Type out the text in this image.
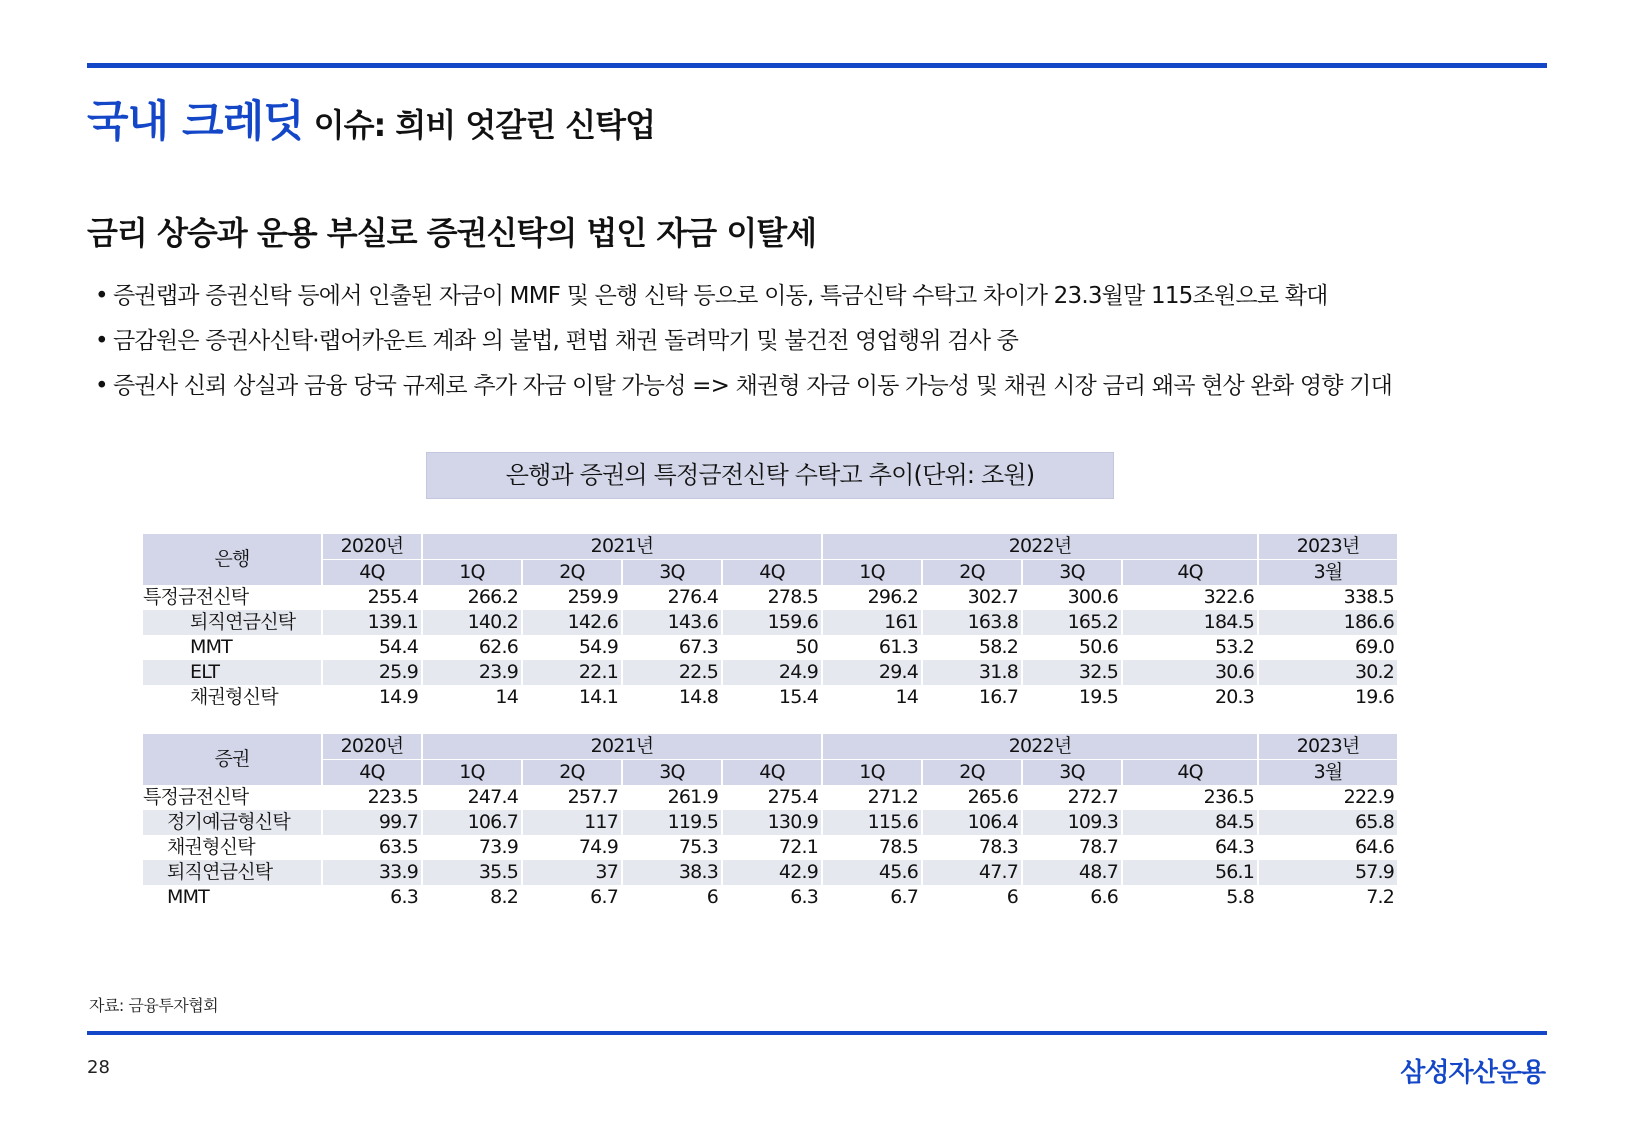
국내 크레딧 이슈: 희비 엇갈린 신탁업
금리 상승과 운용 부실로 증권신탁의 법인 자금 이탈세
• 증권랩과 증권신탁 등에서 인출된 자금이 MMF 및 은행 신탁 등으로 이동, 특금신탁 수탁고 차이가 23.3월말 115조원으로 확대
• 금감원은 증권사신탁·랩어카운트 계좌 의 불법, 편법 채권 돌려막기 및 불건전 영업행위 검사 중
• 증권사 신뢰 상실과 금융 당국 규제로 추가 자금 이탈 가능성 => 채권형 자금 이동 가능성 및 채권 시장 금리 왜곡 현상 완화 영향 기대
은행과 증권의 특정금전신탁 수탁고 추이(단위: 조원)
은행	2020년	2021년				2022년				2023년
	4Q	1Q	2Q	3Q	4Q	1Q	2Q	3Q	4Q	3월
특정금전신탁	255.4	266.2	259.9	276.4	278.5	296.2	302.7	300.6	322.6	338.5
퇴직연금신탁	139.1	140.2	142.6	143.6	159.6	161	163.8	165.2	184.5	186.6
MMT	54.4	62.6	54.9	67.3	50	61.3	58.2	50.6	53.2	69.0
ELT	25.9	23.9	22.1	22.5	24.9	29.4	31.8	32.5	30.6	30.2
채권형신탁	14.9	14	14.1	14.8	15.4	14	16.7	19.5	20.3	19.6
증권	2020년	2021년				2022년				2023년
	4Q	1Q	2Q	3Q	4Q	1Q	2Q	3Q	4Q	3월
특정금전신탁	223.5	247.4	257.7	261.9	275.4	271.2	265.6	272.7	236.5	222.9
정기예금형신탁	99.7	106.7	117	119.5	130.9	115.6	106.4	109.3	84.5	65.8
채권형신탁	63.5	73.9	74.9	75.3	72.1	78.5	78.3	78.7	64.3	64.6
퇴직연금신탁	33.9	35.5	37	38.3	42.9	45.6	47.7	48.7	56.1	57.9
MMT	6.3	8.2	6.7	6	6.3	6.7	6	6.6	5.8	7.2
자료: 금융투자협회
28	삼성자산운용
